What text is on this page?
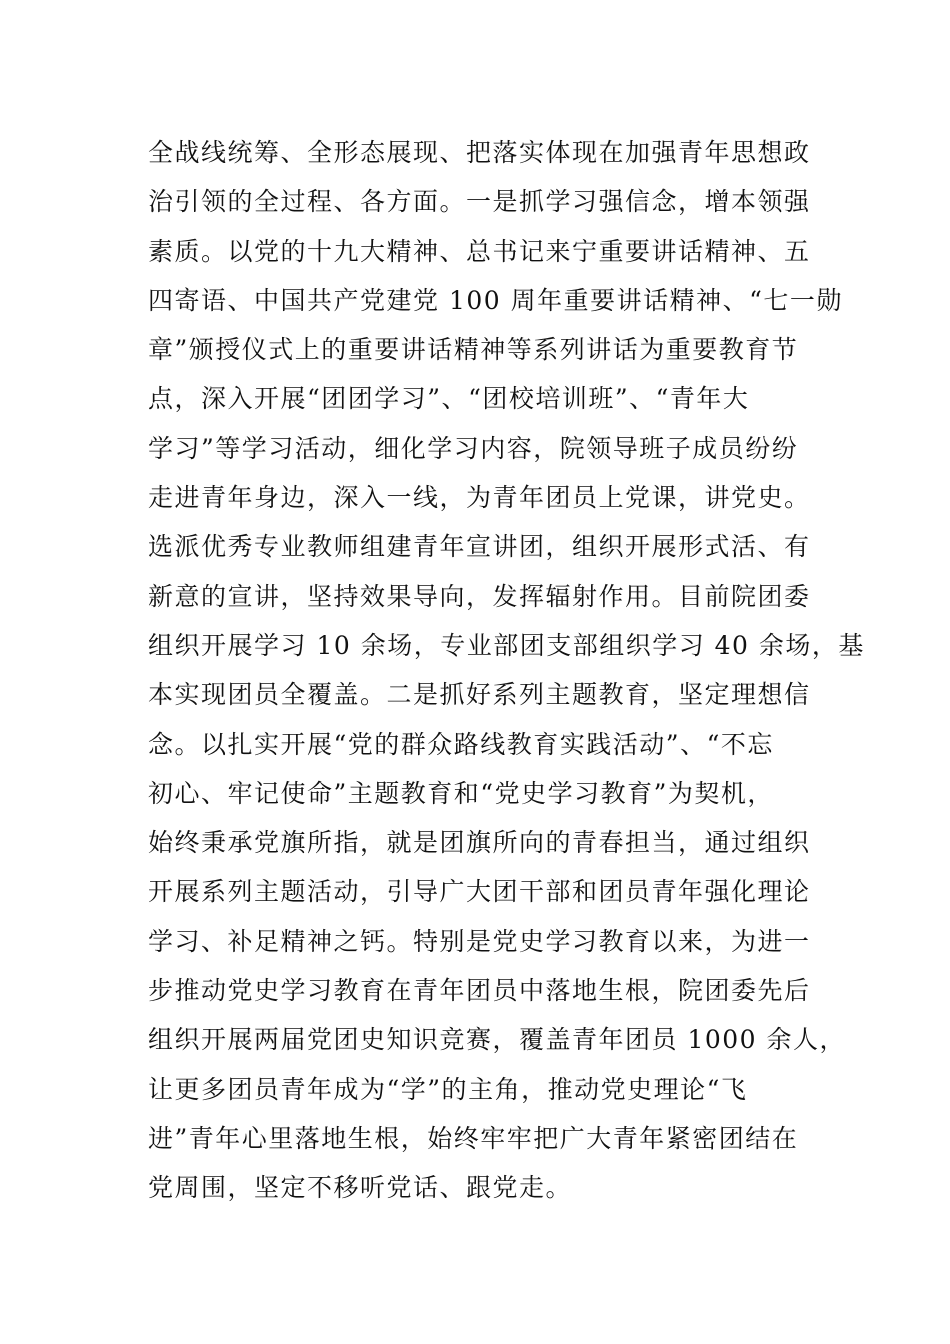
全战线统筹、全形态展现、把落实体现在加强青年思想政
治引领的全过程、各方面。一是抓学习强信念，增本领强
素质。以党的十九大精神、总书记来宁重要讲话精神、五
四寄语、中国共产党建党 100 周年重要讲话精神、“七一勋
章”颁授仪式上的重要讲话精神等系列讲话为重要教育节
点，深入开展“团团学习”、“团校培训班”、“青年大
学习”等学习活动，细化学习内容，院领导班子成员纷纷
走进青年身边，深入一线，为青年团员上党课，讲党史。
选派优秀专业教师组建青年宣讲团，组织开展形式活、有
新意的宣讲，坚持效果导向，发挥辐射作用。目前院团委
组织开展学习 10 余场，专业部团支部组织学习 40 余场，基
本实现团员全覆盖。二是抓好系列主题教育，坚定理想信
念。以扎实开展“党的群众路线教育实践活动”、“不忘
初心、牢记使命”主题教育和“党史学习教育”为契机，
始终秉承党旗所指，就是团旗所向的青春担当，通过组织
开展系列主题活动，引导广大团干部和团员青年强化理论
学习、补足精神之钙。特别是党史学习教育以来，为进一
步推动党史学习教育在青年团员中落地生根，院团委先后
组织开展两届党团史知识竞赛，覆盖青年团员 1000 余人，
让更多团员青年成为“学”的主角，推动党史理论“飞
进”青年心里落地生根，始终牢牢把广大青年紧密团结在
党周围，坚定不移听党话、跟党走。
